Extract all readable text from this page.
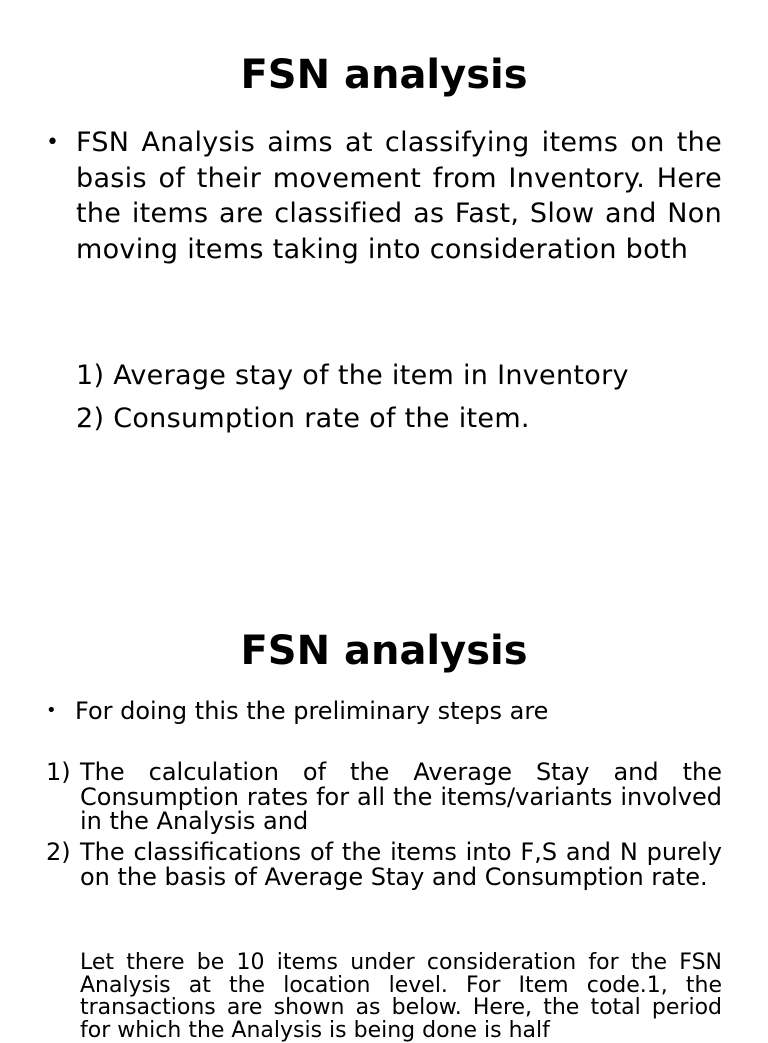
FSN analysis
• FSN Analysis aims at classifying items on the basis of their movement from Inventory. Here the items are classified as Fast, Slow and Non moving items taking into consideration both
1) Average stay of the item in Inventory
2) Consumption rate of the item.
FSN analysis
• For doing this the preliminary steps are
1) The calculation of the Average Stay and the Consumption rates for all the items/variants involved in the Analysis and
2) The classifications of the items into F,S and N purely on the basis of Average Stay and Consumption rate.
Let there be 10 items under consideration for the FSN Analysis at the location level. For Item code.1, the transactions are shown as below. Here, the total period for which the Analysis is being done is half
